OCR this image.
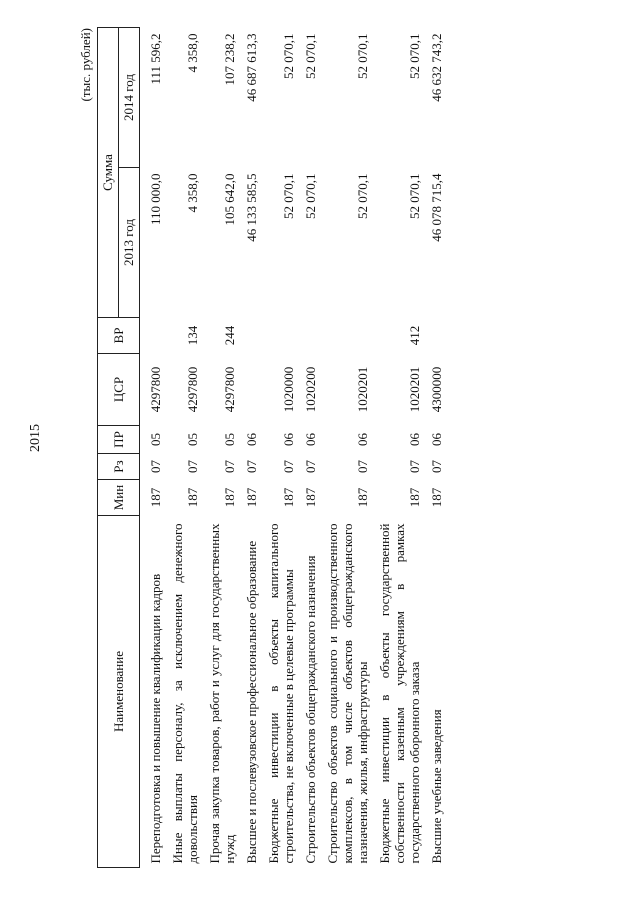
2015
(тыс. рублей)
Наименование	Мин	Рз	ПР	ЦСР	ВР	Сумма	
						2013 год	2014 год
Переподготовка и повышение квалификации кадров	187	07	05	4297800		110 000,0	111 596,2
Иные выплаты персоналу, за исключением денежного довольствия	187	07	05	4297800	134	4 358,0	4 358,0
Прочая закупка товаров, работ и услуг для государственных нужд	187	07	05	4297800	244	105 642,0	107 238,2
Высшее и послевузовское профессиональное образование	187	07	06			46 133 585,5	46 687 613,3
Бюджетные инвестиции в объекты капитального строительства, не включенные в целевые программы	187	07	06	1020000		52 070,1	52 070,1
Строительство объектов общегражданского назначения	187	07	06	1020200		52 070,1	52 070,1
Строительство объектов социального и производственного комплексов, в том числе объектов общегражданского назначения, жилья, инфраструктуры	187	07	06	1020201		52 070,1	52 070,1
Бюджетные инвестиции в объекты государственной собственности казенным учреждениям в рамках государственного оборонного заказа	187	07	06	1020201	412	52 070,1	52 070,1
Высшие учебные заведения	187	07	06	4300000		46 078 715,4	46 632 743,2
